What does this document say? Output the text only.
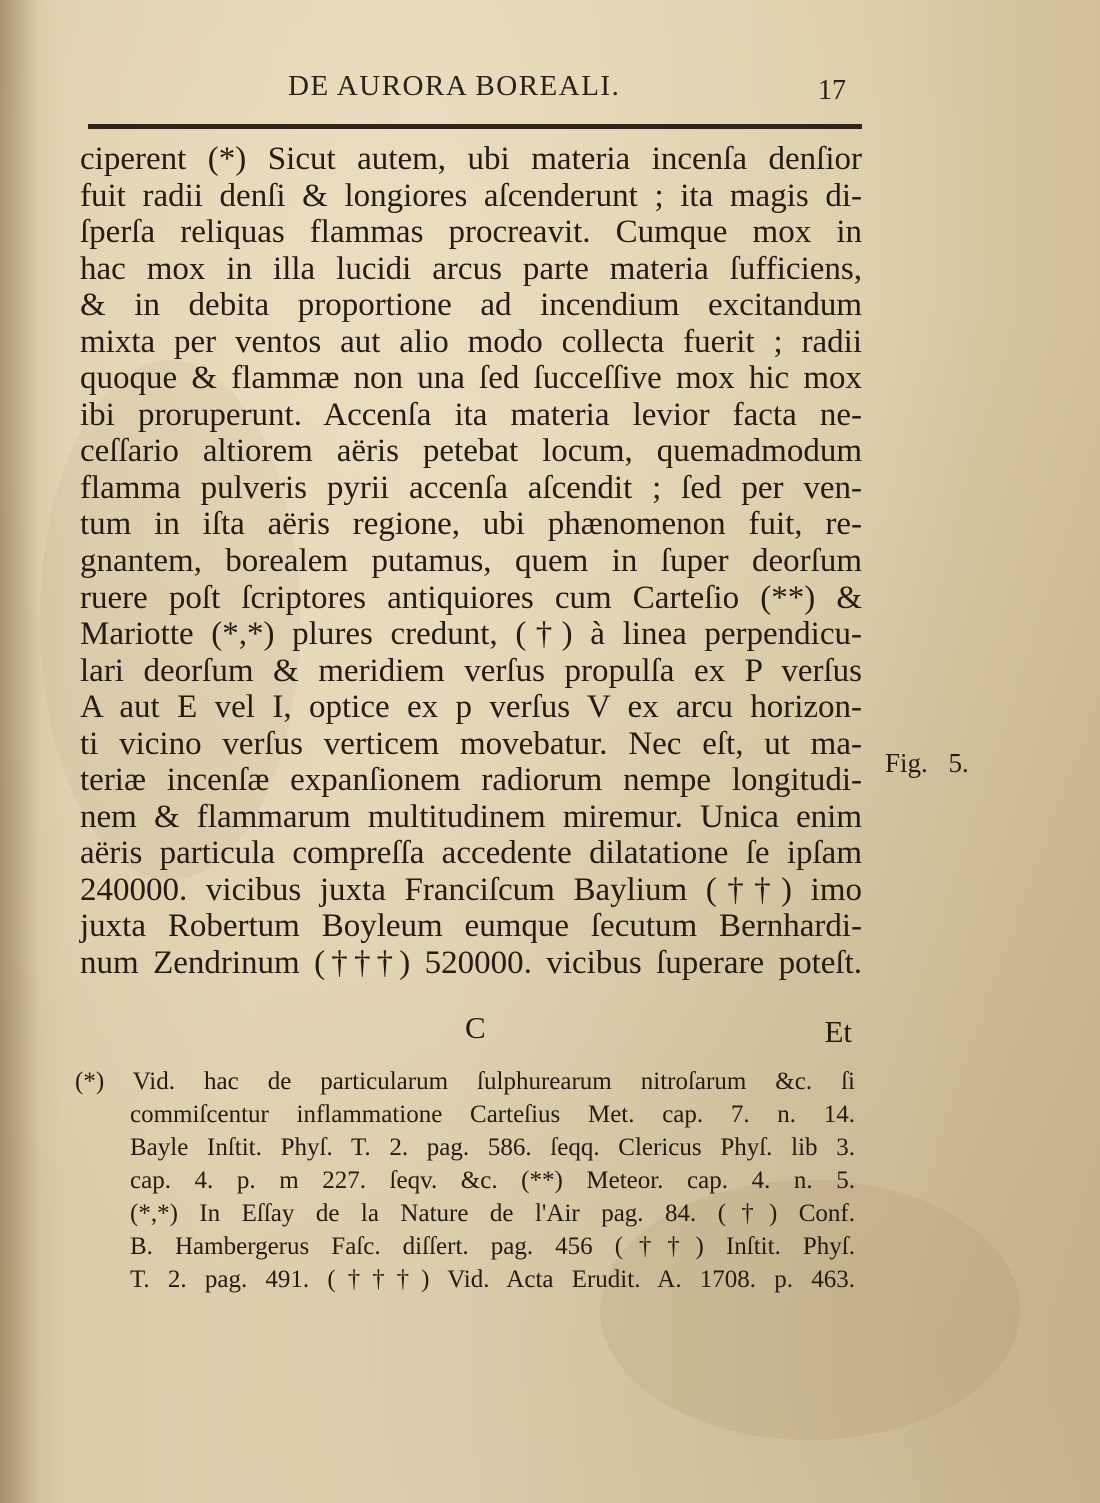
DE AURORA BOREALI.	17
ciperent (*) Sicut autem, ubi materia incenſa denſior
fuit radii denſi & longiores aſcenderunt ; ita magis di-
ſperſa reliquas flammas procreavit. Cumque mox in
hac mox in illa lucidi arcus parte materia ſufficiens,
& in debita proportione ad incendium excitandum
mixta per ventos aut alio modo collecta fuerit ; radii
quoque & flammæ non una ſed ſucceſſive mox hic mox
ibi proruperunt. Accenſa ita materia levior facta ne-
ceſſario altiorem aëris petebat locum, quemadmodum
flamma pulveris pyrii accenſa aſcendit ; ſed per ven-
tum in iſta aëris regione, ubi phænomenon fuit, re-
gnantem, borealem putamus, quem in ſuper deorſum
ruere poſt ſcriptores antiquiores cum Carteſio (**) &
Mariotte (*,*) plures credunt, (†) à linea perpendicu-
lari deorſum & meridiem verſus propulſa ex P verſus
A aut E vel I, optice ex p verſus V ex arcu horizon-
ti vicino verſus verticem movebatur. Nec eſt, ut ma-
teriæ incenſæ expanſionem radiorum nempe longitudi-
nem & flammarum multitudinem miremur. Unica enim
aëris particula compreſſa accedente dilatatione ſe ipſam
240000. vicibus juxta Franciſcum Baylium (††) imo
juxta Robertum Boyleum eumque ſecutum Bernhardi-
num Zendrinum (†††) 520000. vicibus ſuperare poteſt.
Fig. 5.
C	Et
(*) Vid. hac de particularum ſulphurearum nitroſarum &c. ſi
commiſcentur inflammatione Carteſius Met. cap. 7. n. 14.
Bayle Inſtit. Phyſ. T. 2. pag. 586. ſeqq. Clericus Phyſ. lib 3.
cap. 4. p. m 227. ſeqv. &c. (**) Meteor. cap. 4. n. 5.
(*,*) In Eſſay de la Nature de l'Air pag. 84. (†) Conf.
B. Hambergerus Faſc. diſſert. pag. 456 (††) Inſtit. Phyſ.
T. 2. pag. 491. (†††) Vid. Acta Erudit. A. 1708. p. 463.
